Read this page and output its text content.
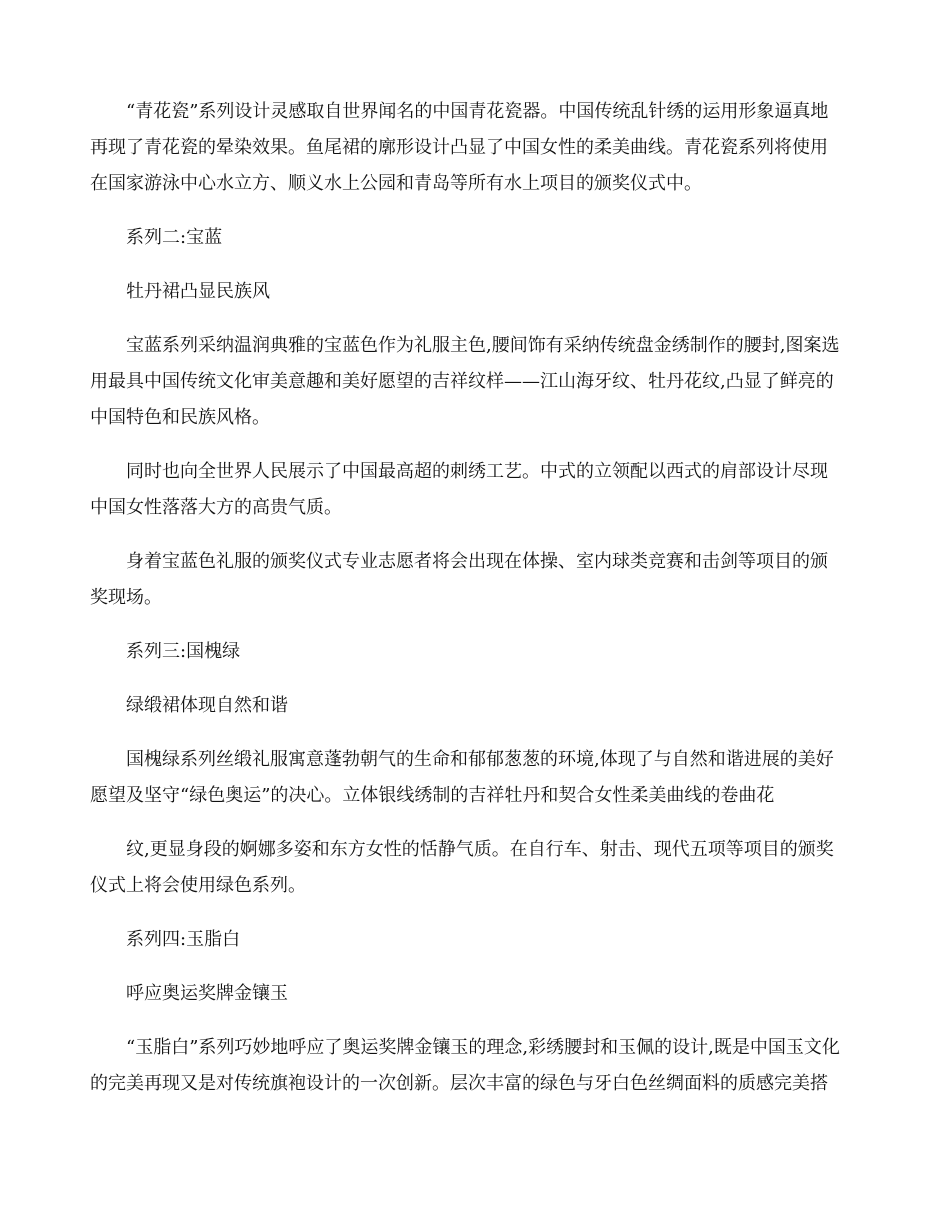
“青花瓷”系列设计灵感取自世界闻名的中国青花瓷器。中国传统乱针绣的运用形象逼真地

再现了青花瓷的晕染效果。鱼尾裙的廓形设计凸显了中国女性的柔美曲线。青花瓷系列将使用

在国家游泳中心水立方、顺义水上公园和青岛等所有水上项目的颁奖仪式中。

系列二:宝蓝

牡丹裙凸显民族风

宝蓝系列采纳温润典雅的宝蓝色作为礼服主色,腰间饰有采纳传统盘金绣制作的腰封,图案选

用最具中国传统文化审美意趣和美好愿望的吉祥纹样——江山海牙纹、牡丹花纹,凸显了鲜亮的

中国特色和民族风格。

同时也向全世界人民展示了中国最高超的刺绣工艺。中式的立领配以西式的肩部设计尽现

中国女性落落大方的高贵气质。

身着宝蓝色礼服的颁奖仪式专业志愿者将会出现在体操、室内球类竞赛和击剑等项目的颁

奖现场。

系列三:国槐绿

绿缎裙体现自然和谐

国槐绿系列丝缎礼服寓意蓬勃朝气的生命和郁郁葱葱的环境,体现了与自然和谐进展的美好

愿望及坚守“绿色奥运”的决心。立体银线绣制的吉祥牡丹和契合女性柔美曲线的卷曲花

纹,更显身段的婀娜多姿和东方女性的恬静气质。在自行车、射击、现代五项等项目的颁奖

仪式上将会使用绿色系列。

系列四:玉脂白

呼应奥运奖牌金镶玉

“玉脂白”系列巧妙地呼应了奥运奖牌金镶玉的理念,彩绣腰封和玉佩的设计,既是中国玉文化

的完美再现又是对传统旗袍设计的一次创新。层次丰富的绿色与牙白色丝绸面料的质感完美搭
